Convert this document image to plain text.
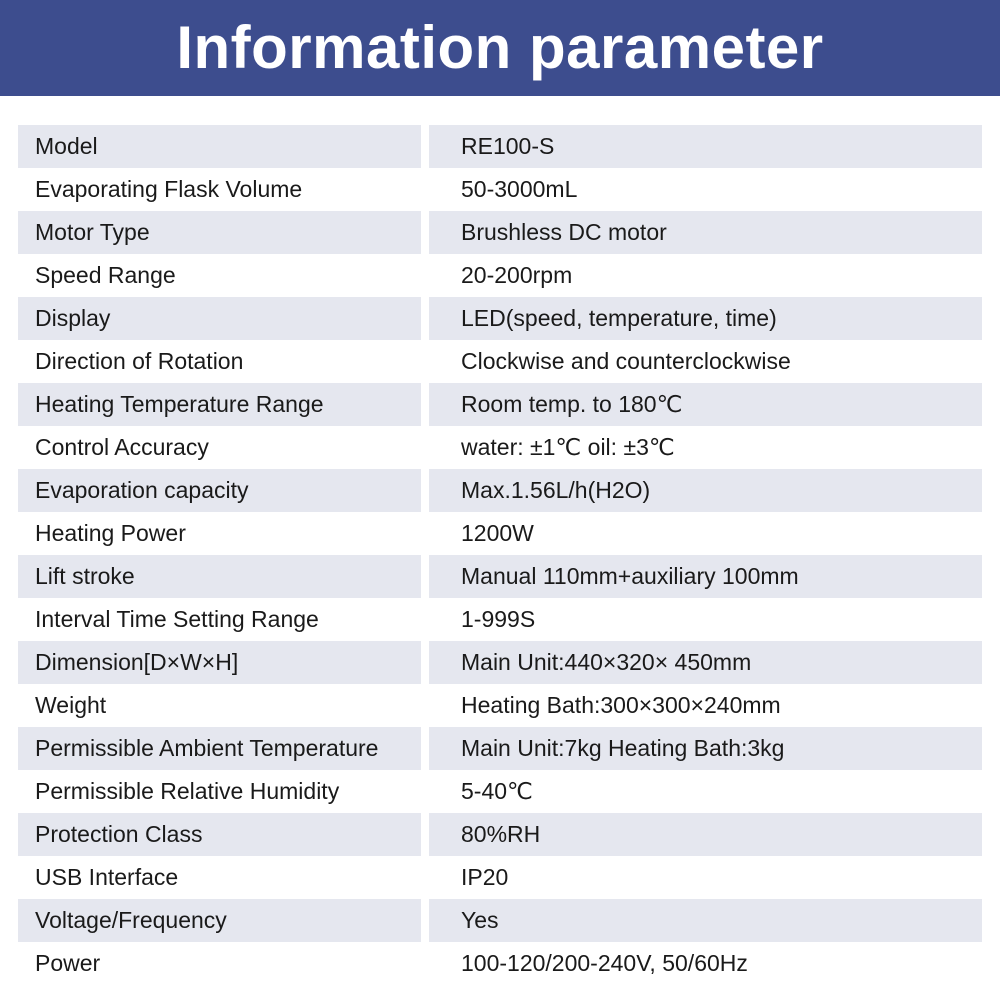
Information parameter
Model	RE100-S
Evaporating Flask Volume	50-3000mL
Motor Type	Brushless DC motor
Speed Range	20-200rpm
Display	LED(speed, temperature, time)
Direction of Rotation	Clockwise and counterclockwise
Heating Temperature Range	Room temp. to 180℃
Control Accuracy	water: ±1℃ oil: ±3℃
Evaporation capacity	Max.1.56L/h(H2O)
Heating Power	1200W
Lift stroke	Manual 110mm+auxiliary 100mm
Interval Time Setting Range	1-999S
Dimension[D×W×H]	Main Unit:440×320× 450mm
Weight	Heating Bath:300×300×240mm
Permissible Ambient Temperature	Main Unit:7kg Heating Bath:3kg
Permissible Relative Humidity	5-40℃
Protection Class	80%RH
USB Interface	IP20
Voltage/Frequency	Yes
Power	100-120/200-240V, 50/60Hz
